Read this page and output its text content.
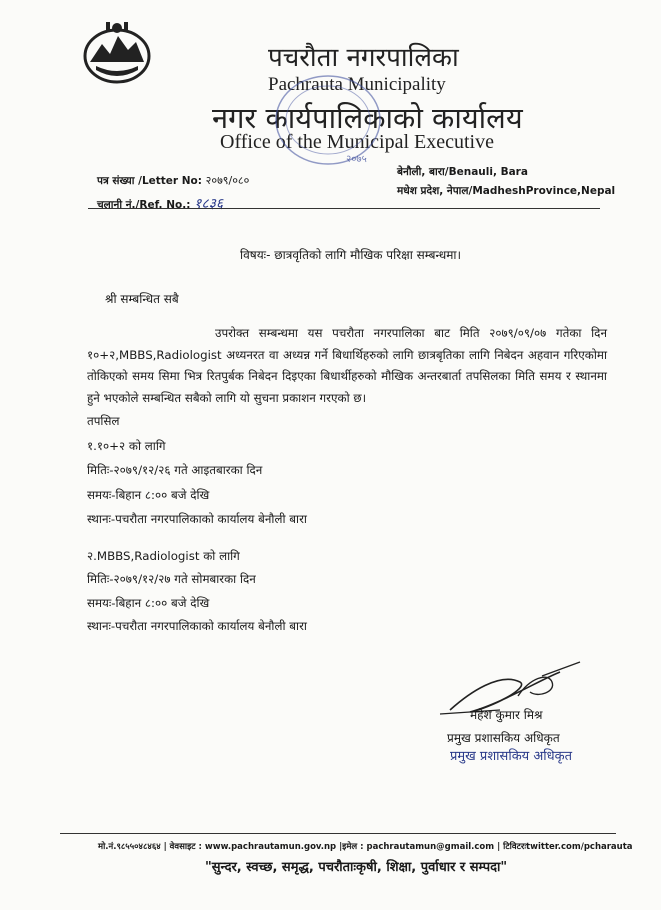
पचरौता नगरपालिका
Pachrauta Municipality
नगर कार्यपालिकाको कार्यालय
Office of the Municipal Executive
२०७५
पत्र संख्या /Letter No: २०७९/०८०
चलानी नं./Ref. No.: १८३६
बेनौली, बारा/Benauli, Bara
मधेश प्रदेश, नेपाल/MadheshProvince,Nepal
विषयः- छात्रवृतिको लागि मौखिक परिक्षा सम्बन्धमा।
श्री सम्बन्धित सबै
उपरोक्त सम्बन्धमा यस पचरौता नगरपालिका बाट मिति २०७९/०९/०७ गतेका दिन १०+२,MBBS,Radiologist अध्यनरत वा अध्यन्न गर्ने बिधार्थिहरुको लागि छात्रबृतिका लागि निबेदन अहवान गरिएकोमा तोकिएको समय सिमा भित्र रितपुर्बक निबेदन दिइएका बिधार्थीहरुको मौखिक अन्तरबार्ता तपसिलका मिति समय र स्थानमा हुने भएकोले सम्बन्धित सबैको लागि यो सुचना प्रकाशन गरएको छ।
तपसिल
१.१०+२ को लागि
मितिः-२०७९/१२/२६ गते आइतबारका दिन
समयः-बिहान ८:०० बजे देखि
स्थानः-पचरौता नगरपालिकाको कार्यालय बेनौली बारा
२.MBBS,Radiologist को लागि
मितिः-२०७९/१२/२७ गते सोमबारका दिन
समयः-बिहान ८:०० बजे देखि
स्थानः-पचरौता नगरपालिकाको कार्यालय बेनौली बारा
महेश कुमार मिश्र
प्रमुख प्रशासकिय अधिकृत
प्रमुख प्रशासकिय अधिकृत
मो.नं.९८५५०४८४६४ | वेवसाइट : www.pachrautamun.gov.np |इमेल : pachrautamun@gmail.com | टिविटरःtwitter.com/pcharauta
"सुन्दर, स्वच्छ, समृद्ध, पचरौताःकृषी, शिक्षा, पुर्वाधार र सम्पदा"
